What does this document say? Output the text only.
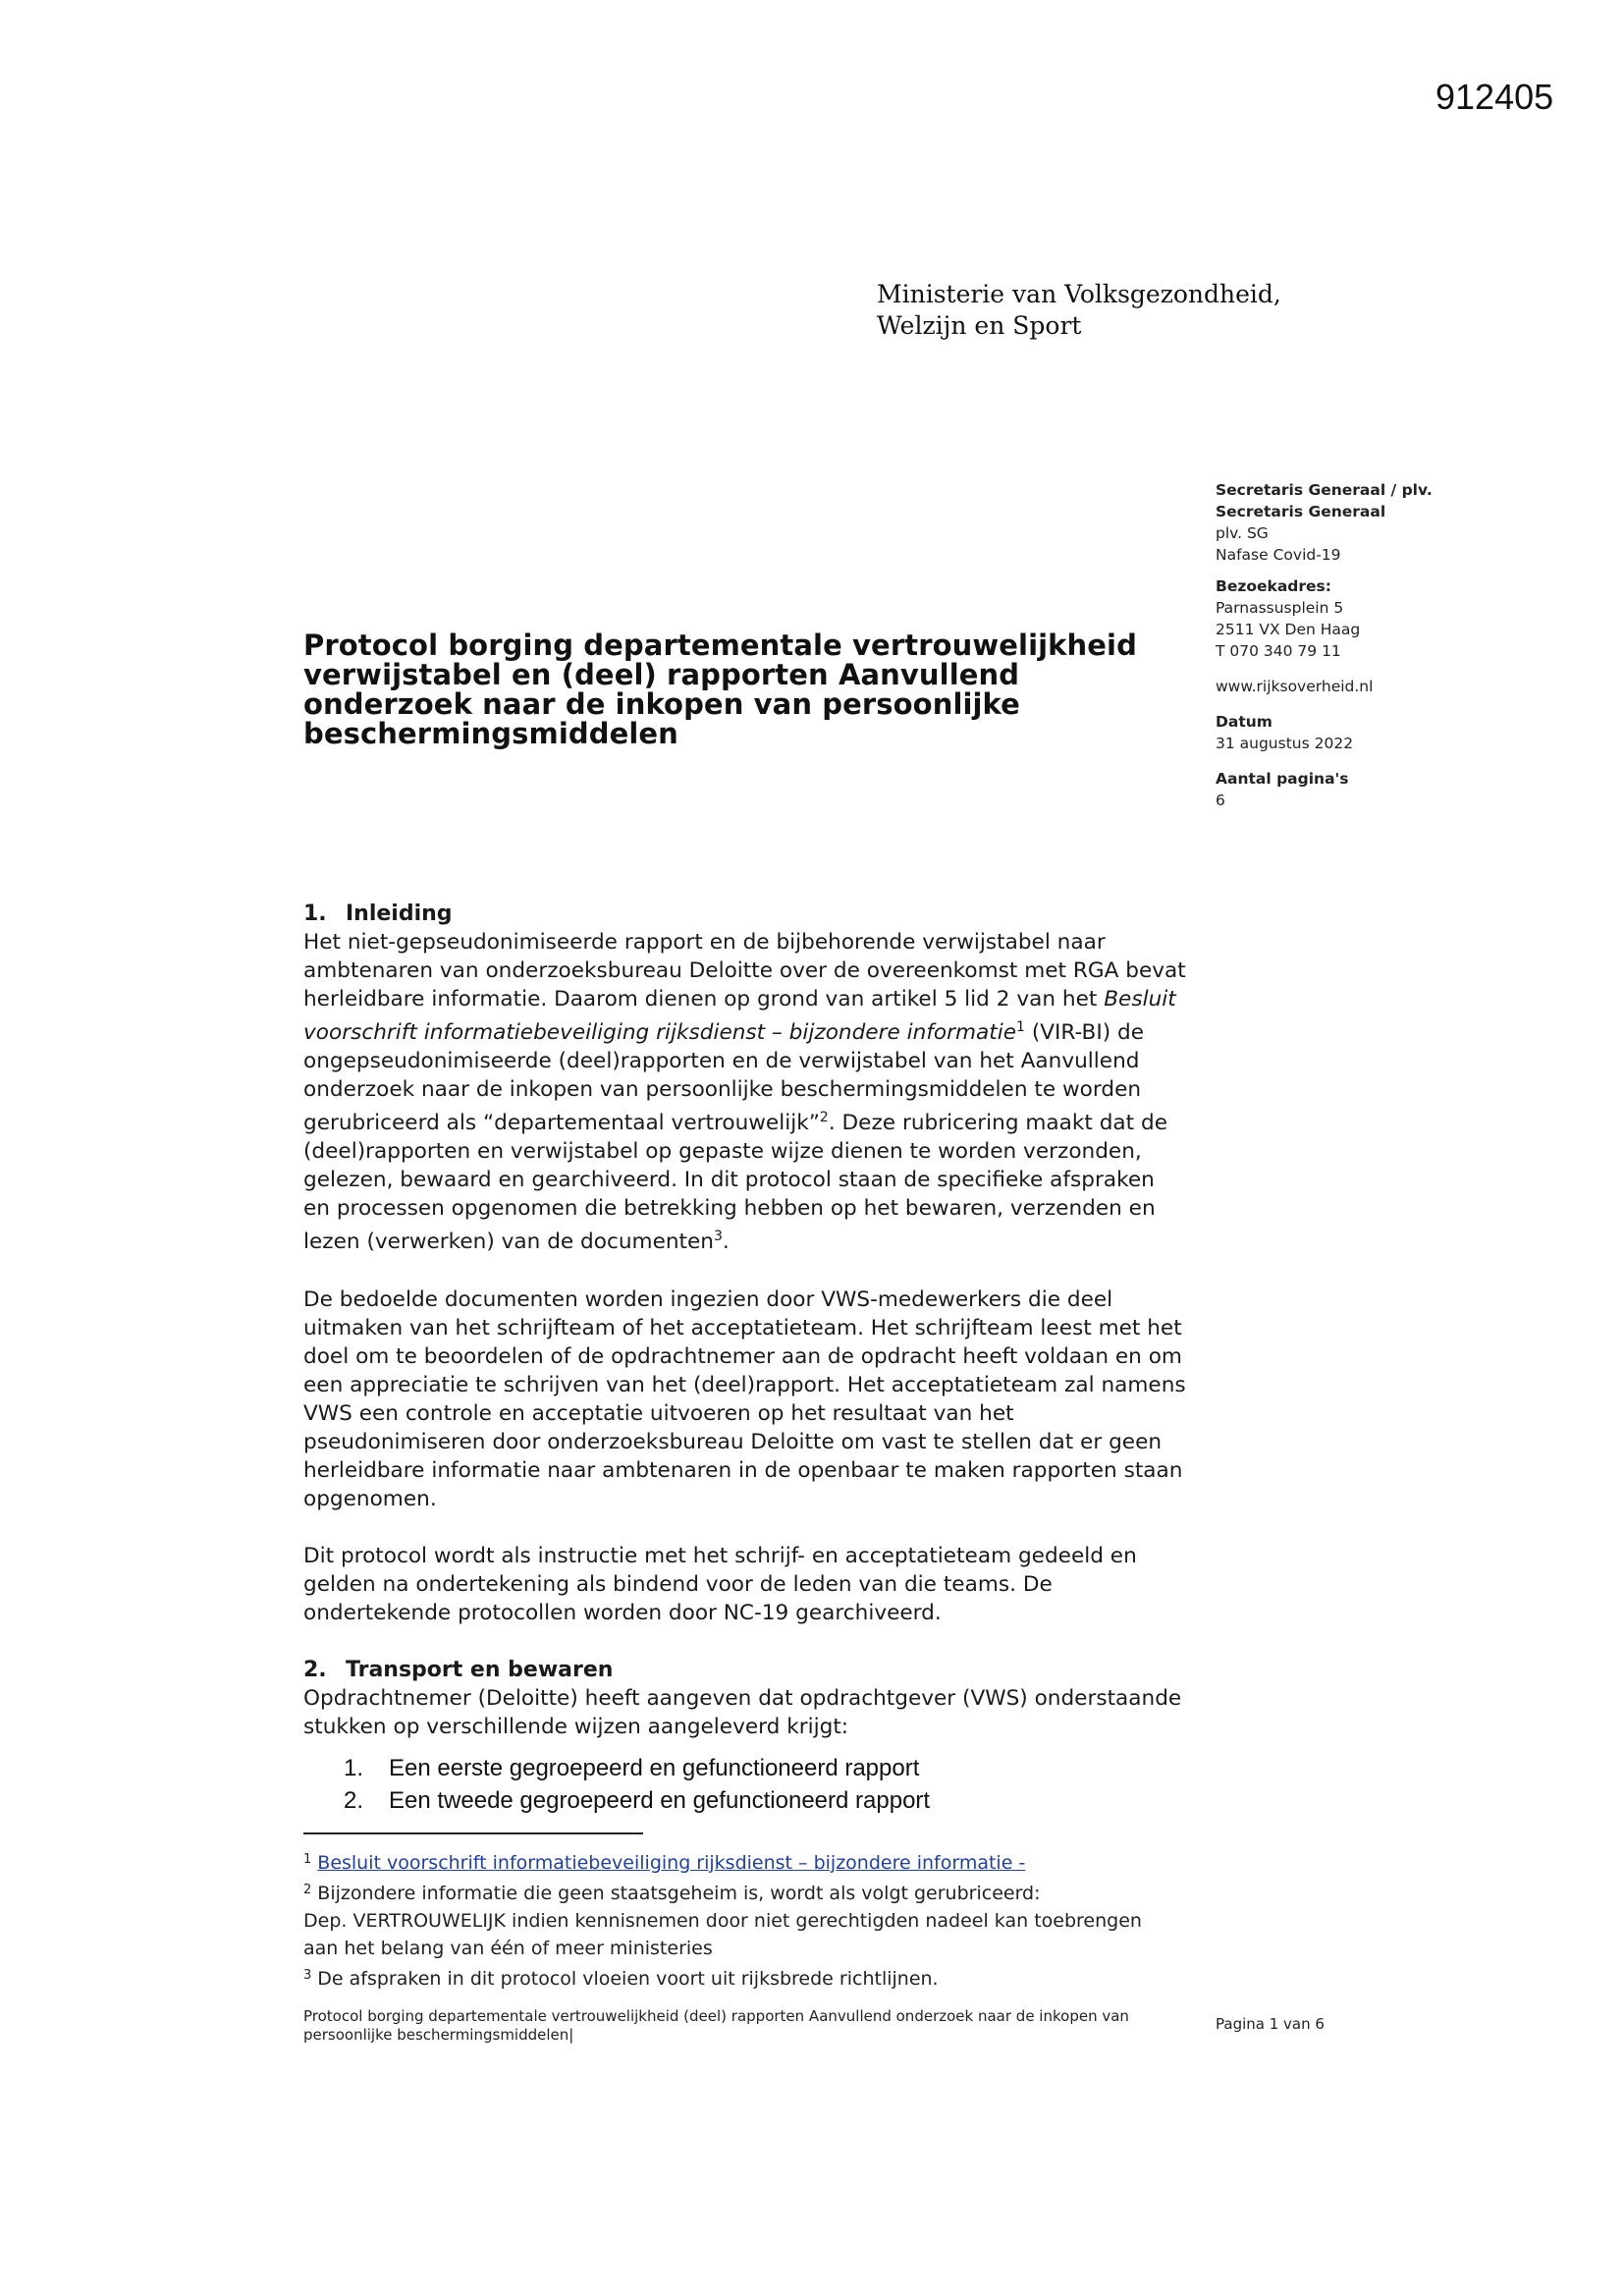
912405
Ministerie van Volksgezondheid,
Welzijn en Sport
Secretaris Generaal / plv.
Secretaris Generaal
plv. SG
Nafase Covid-19
Bezoekadres:
Parnassusplein 5
2511 VX Den Haag
T 070 340 79 11
www.rijksoverheid.nl
Datum
31 augustus 2022
Aantal pagina's
6
Protocol borging departementale vertrouwelijkheid
verwijstabel en (deel) rapporten Aanvullend
onderzoek naar de inkopen van persoonlijke
beschermingsmiddelen
1. Inleiding
Het niet-gepseudonimiseerde rapport en de bijbehorende verwijstabel naar
ambtenaren van onderzoeksbureau Deloitte over de overeenkomst met RGA bevat
herleidbare informatie. Daarom dienen op grond van artikel 5 lid 2 van het Besluit
voorschrift informatiebeveiliging rijksdienst – bijzondere informatie$^1$ (VIR-BI) de
ongepseudonimiseerde (deel)rapporten en de verwijstabel van het Aanvullend
onderzoek naar de inkopen van persoonlijke beschermingsmiddelen te worden
gerubriceerd als “departementaal vertrouwelijk”$^2$. Deze rubricering maakt dat de
(deel)rapporten en verwijstabel op gepaste wijze dienen te worden verzonden,
gelezen, bewaard en gearchiveerd. In dit protocol staan de specifieke afspraken
en processen opgenomen die betrekking hebben op het bewaren, verzenden en
lezen (verwerken) van de documenten$^3$.
De bedoelde documenten worden ingezien door VWS-medewerkers die deel
uitmaken van het schrijfteam of het acceptatieteam. Het schrijfteam leest met het
doel om te beoordelen of de opdrachtnemer aan de opdracht heeft voldaan en om
een appreciatie te schrijven van het (deel)rapport. Het acceptatieteam zal namens
VWS een controle en acceptatie uitvoeren op het resultaat van het
pseudonimiseren door onderzoeksbureau Deloitte om vast te stellen dat er geen
herleidbare informatie naar ambtenaren in de openbaar te maken rapporten staan
opgenomen.
Dit protocol wordt als instructie met het schrijf- en acceptatieteam gedeeld en
gelden na ondertekening als bindend voor de leden van die teams. De
ondertekende protocollen worden door NC-19 gearchiveerd.
2. Transport en bewaren
Opdrachtnemer (Deloitte) heeft aangeven dat opdrachtgever (VWS) onderstaande
stukken op verschillende wijzen aangeleverd krijgt:
1. Een eerste gegroepeerd en gefunctioneerd rapport
2. Een tweede gegroepeerd en gefunctioneerd rapport
$^1$ Besluit voorschrift informatiebeveiliging rijksdienst – bijzondere informatie -
$^2$ Bijzondere informatie die geen staatsgeheim is, wordt als volgt gerubriceerd:
Dep. VERTROUWELIJK indien kennisnemen door niet gerechtigden nadeel kan toebrengen
aan het belang van één of meer ministeries
$^3$ De afspraken in dit protocol vloeien voort uit rijksbrede richtlijnen.
Protocol borging departementale vertrouwelijkheid (deel) rapporten Aanvullend onderzoek naar de inkopen van
persoonlijke beschermingsmiddelen|
Pagina 1 van 6
